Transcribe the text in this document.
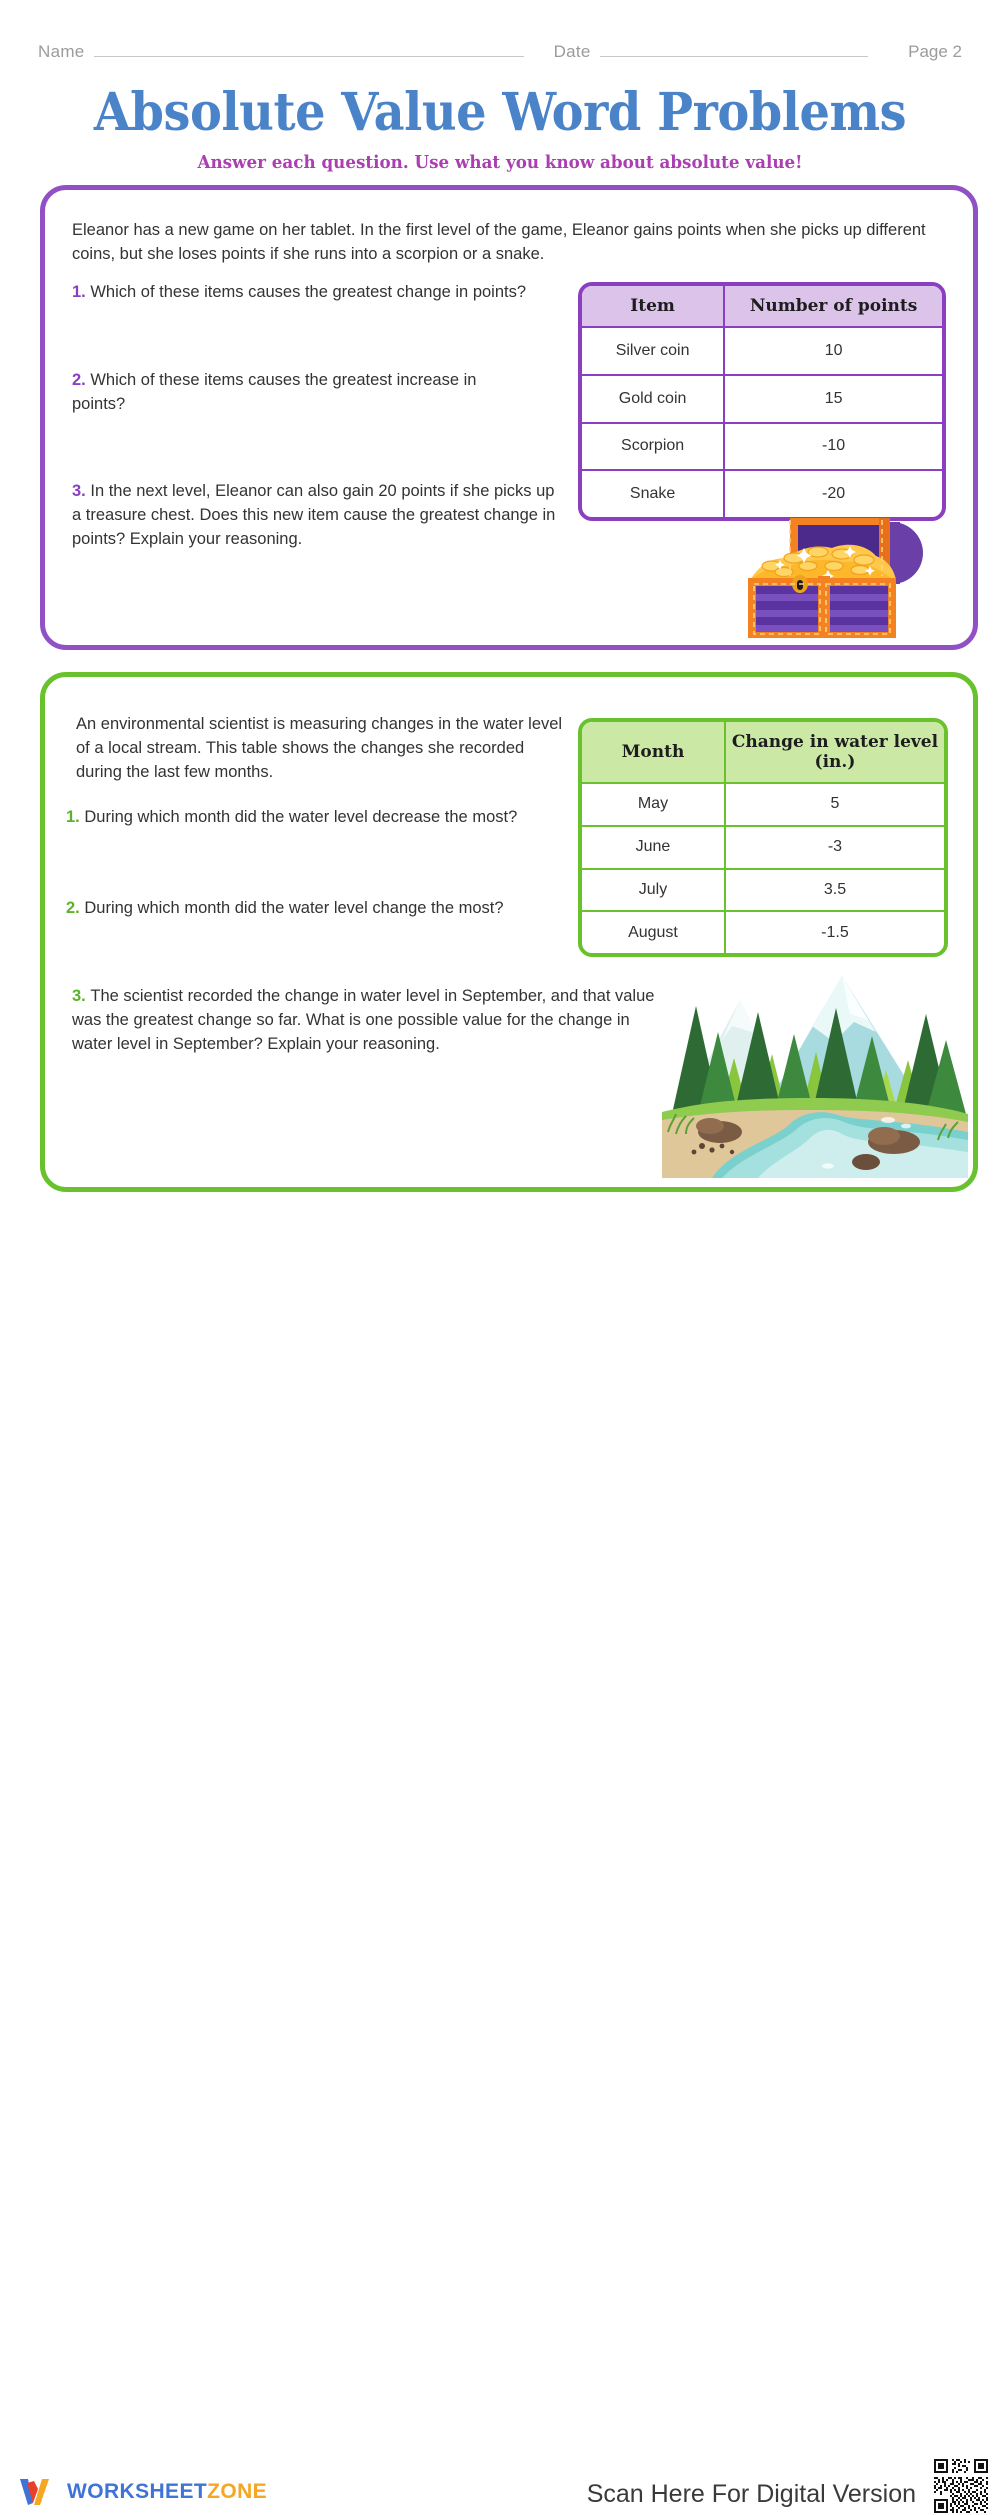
Name	Date	Page 2
Absolute Value Word Problems
Answer each question. Use what you know about absolute value!
Eleanor has a new game on her tablet. In the first level of the game, Eleanor gains points when she picks up different coins, but she loses points if she runs into a scorpion or a snake.
1. Which of these items causes the greatest change in points?
2. Which of these items causes the greatest increase in points?
3. In the next level, Eleanor can also gain 20 points if she picks up a treasure chest. Does this new item cause the greatest change in points? Explain your reasoning.
Item	Number of points
Silver coin	10
Gold coin	15
Scorpion	-10
Snake	-20
An environmental scientist is measuring changes in the water level of a local stream. This table shows the changes she recorded during the last few months.
1. During which month did the water level decrease the most?
2. During which month did the water level change the most?
3. The scientist recorded the change in water level in September, and that value was the greatest change so far. What is one possible value for the change in water level in September? Explain your reasoning.
Month	Change in water level (in.)
May	5
June	-3
July	3.5
August	-1.5
WORKSHEETZONE	Scan Here For Digital Version
